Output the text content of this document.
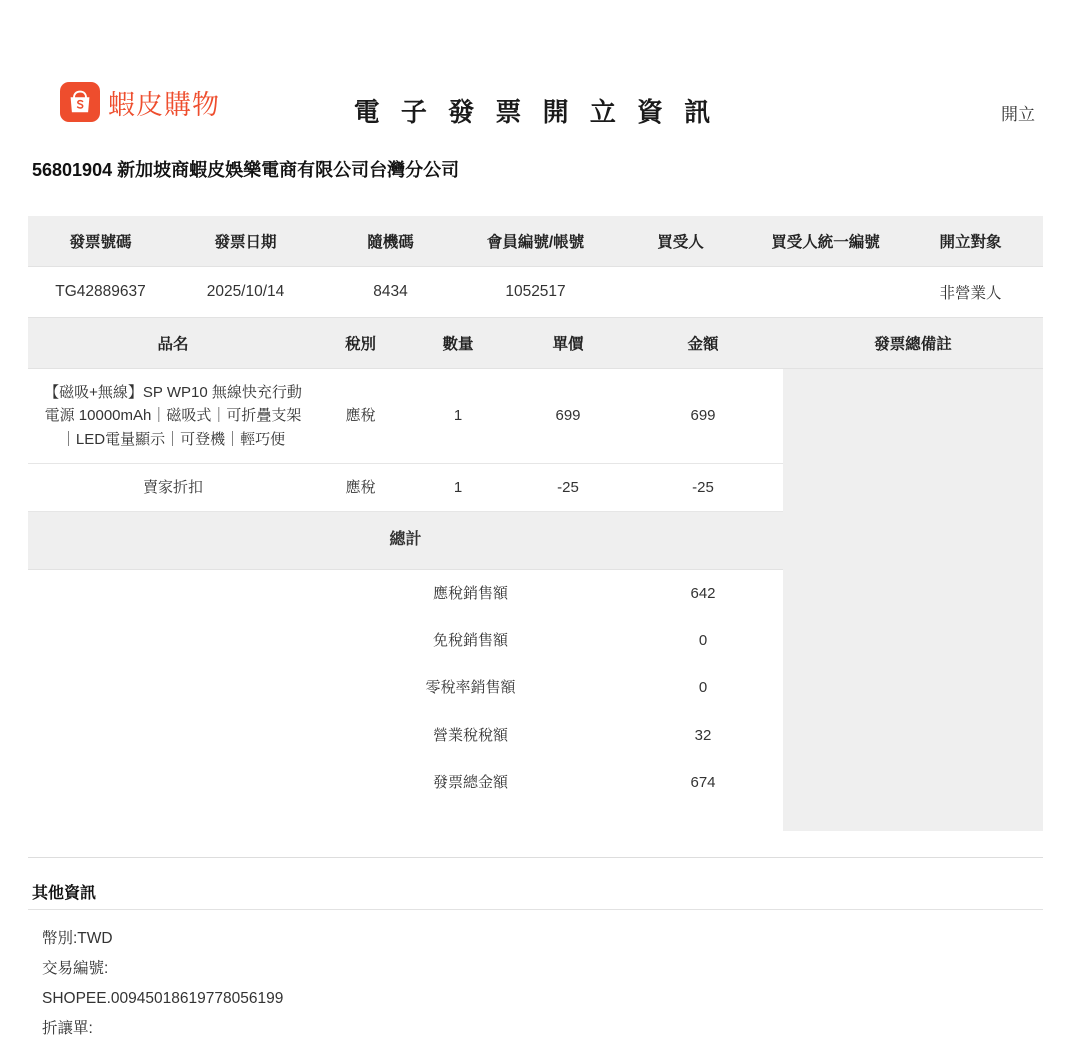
蝦皮購物	電 子 發 票 開 立 資 訊	開立
56801904 新加坡商蝦皮娛樂電商有限公司台灣分公司
發票號碼	發票日期	隨機碼	會員編號/帳號	買受人	買受人統一編號	開立對象
TG42889637	2025/10/14	8434	1052517			非營業人
品名	稅別	數量	單價	金額	發票總備註
【磁吸+無線】SP WP10 無線快充行動電源 10000mAh｜磁吸式｜可折疊支架｜LED電量顯示｜可登機｜輕巧便	應稅	1	699	699	
賣家折扣	應稅	1	-25	-25	
總計					
	應稅銷售額			642	
	免稅銷售額			0	
	零稅率銷售額			0	
	營業稅稅額			32	
	發票總金額			674	

其他資訊
幣別:TWD
交易編號:
SHOPEE.00945018619778056199
折讓單:
